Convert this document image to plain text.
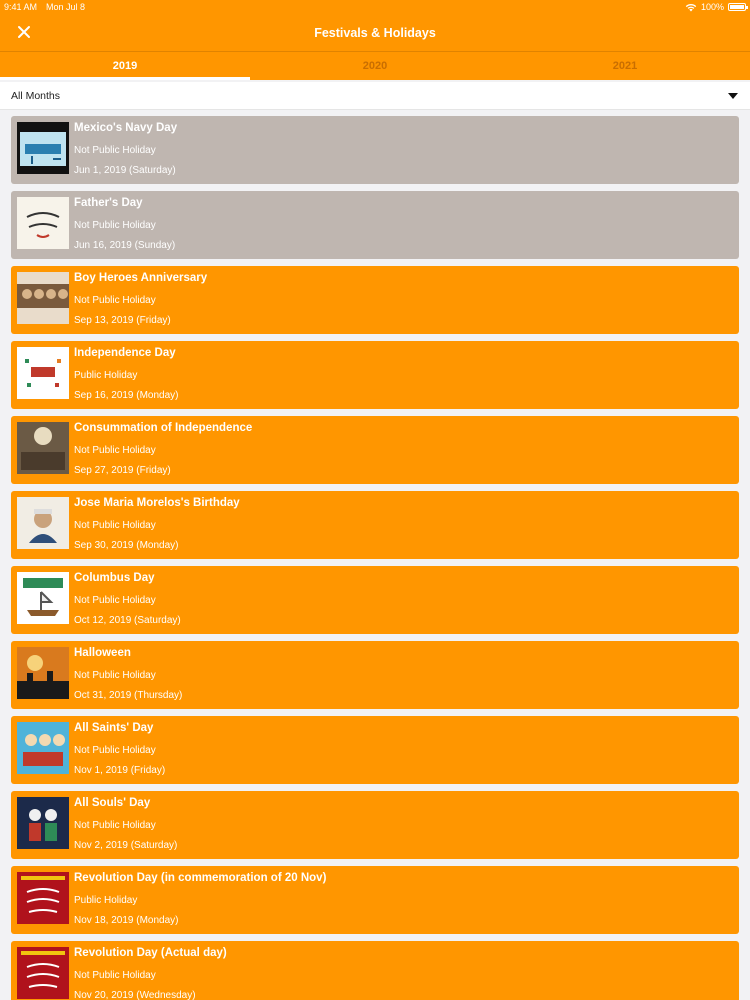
9:41 AM Mon Jul 8	100%
Festivals & Holidays
2019	2020	2021
All Months
Mexico's Navy Day
Not Public Holiday
Jun 1, 2019 (Saturday)
Father's Day
Not Public Holiday
Jun 16, 2019 (Sunday)
Boy Heroes Anniversary
Not Public Holiday
Sep 13, 2019 (Friday)
Independence Day
Public Holiday
Sep 16, 2019 (Monday)
Consummation of Independence
Not Public Holiday
Sep 27, 2019 (Friday)
Jose Maria Morelos's Birthday
Not Public Holiday
Sep 30, 2019 (Monday)
Columbus Day
Not Public Holiday
Oct 12, 2019 (Saturday)
Halloween
Not Public Holiday
Oct 31, 2019 (Thursday)
All Saints' Day
Not Public Holiday
Nov 1, 2019 (Friday)
All Souls' Day
Not Public Holiday
Nov 2, 2019 (Saturday)
Revolution Day (in commemoration of 20 Nov)
Public Holiday
Nov 18, 2019 (Monday)
Revolution Day (Actual day)
Not Public Holiday
Nov 20, 2019 (Wednesday)
